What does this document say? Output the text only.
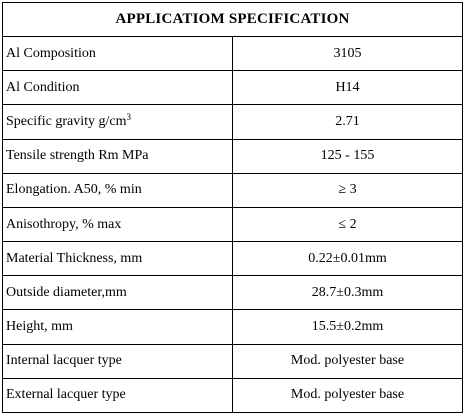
APPLICATIOM SPECIFICATION	
Al Composition	3105
Al Condition	H14
Specific gravity $g/cm^3$	2.71
Tensile strength Rm MPa	125 - 155
Elongation. A50, % min	≥ 3
Anisothropy, % max	≤ 2
Material Thickness, mm	0.22±0.01mm
Outside diameter,mm	28.7±0.3mm
Height, mm	15.5±0.2mm
Internal lacquer type	Mod. polyester base
External lacquer type	Mod. polyester base
